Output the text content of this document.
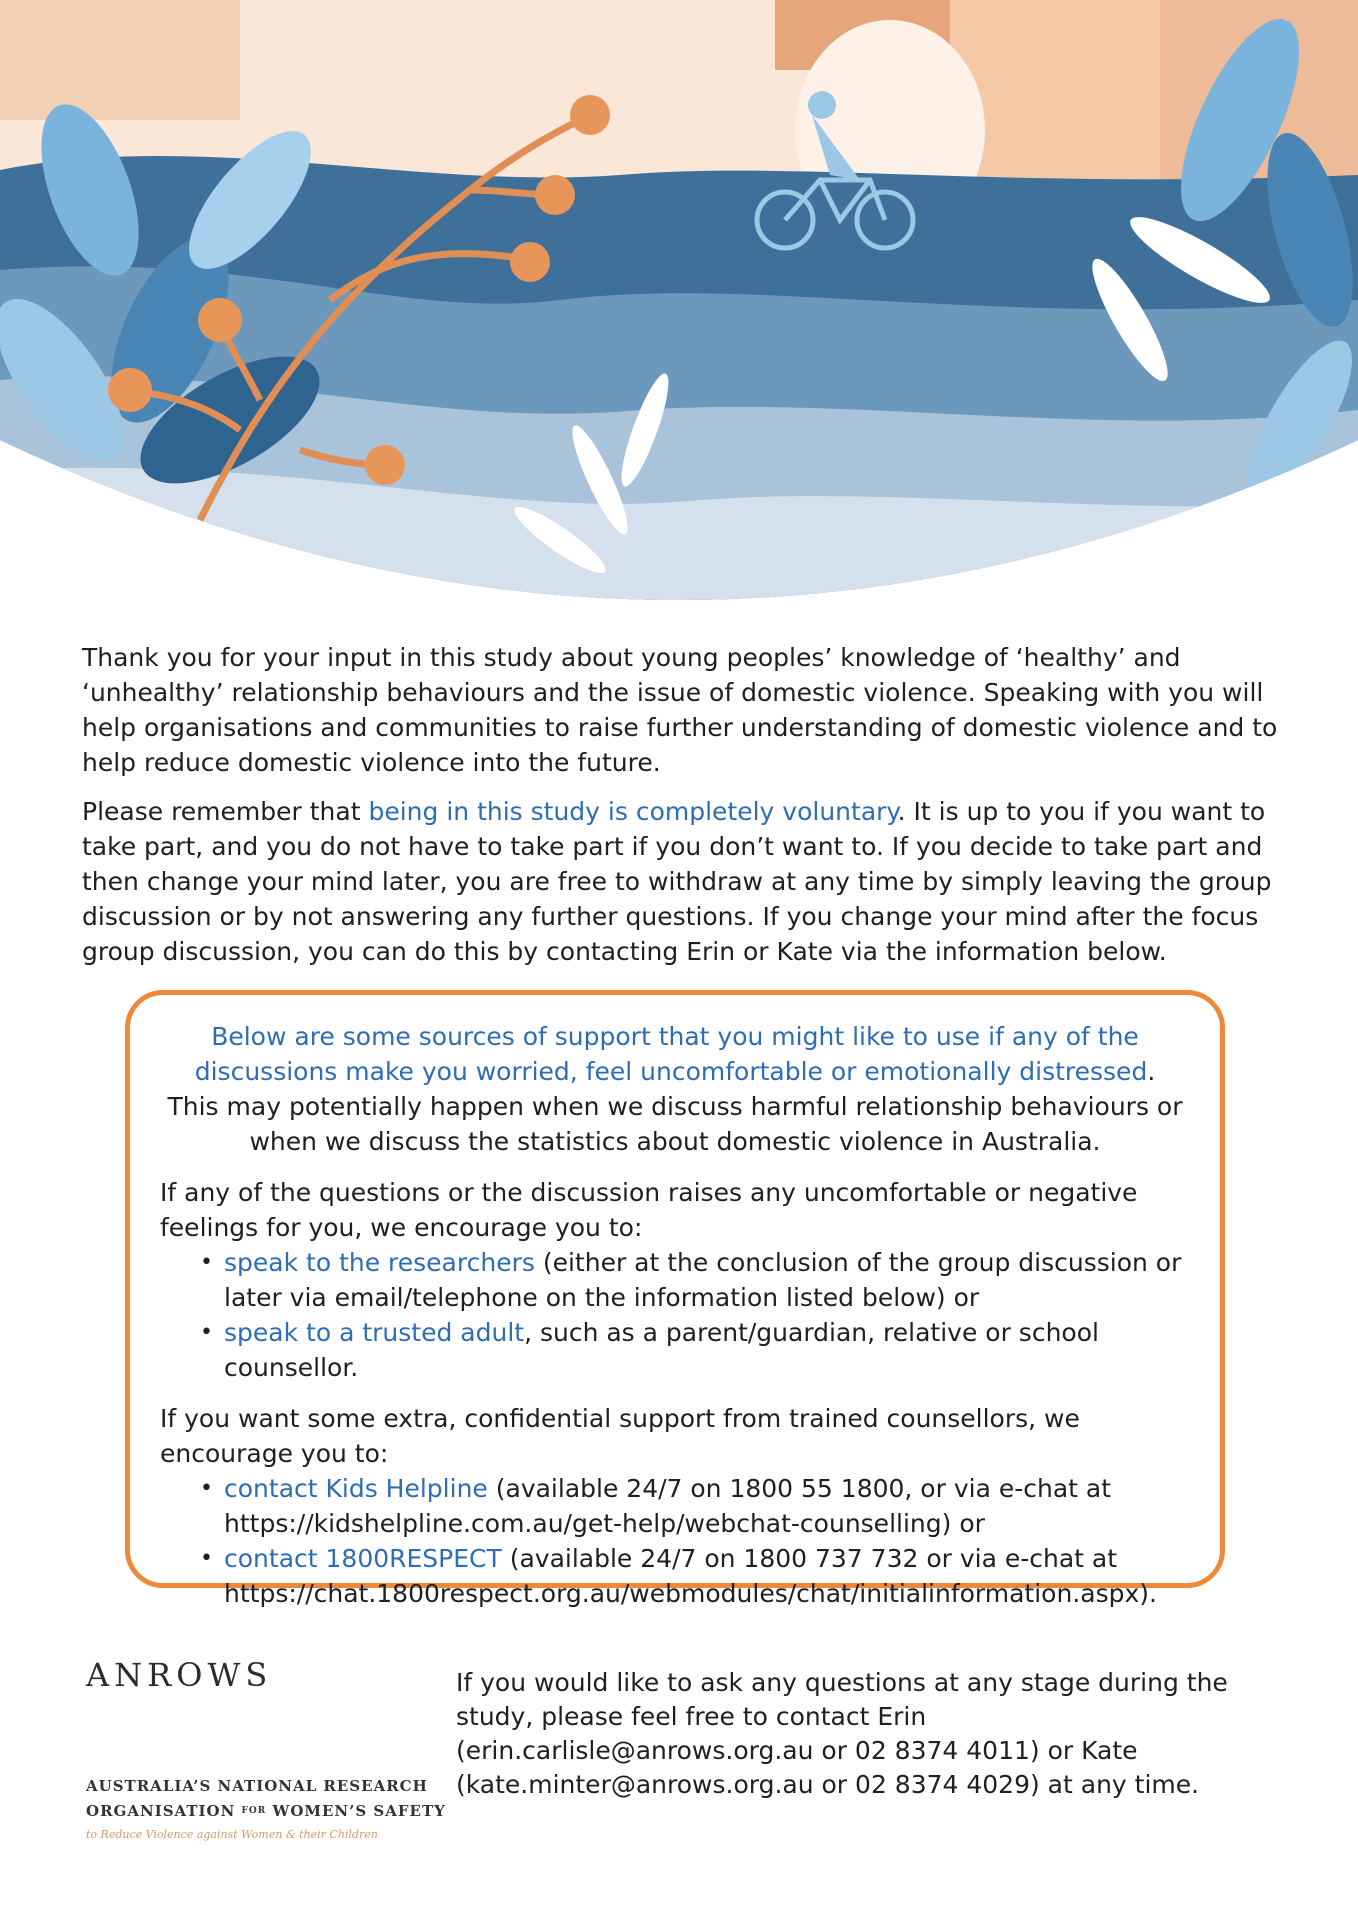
Thank you for your input in this study about young peoples’ knowledge of ‘healthy’ and ‘unhealthy’ relationship behaviours and the issue of domestic violence. Speaking with you will help organisations and communities to raise further understanding of domestic violence and to help reduce domestic violence into the future.

Please remember that being in this study is completely voluntary. It is up to you if you want to take part, and you do not have to take part if you don’t want to. If you decide to take part and then change your mind later, you are free to withdraw at any time by simply leaving the group discussion or by not answering any further questions. If you change your mind after the focus group discussion, you can do this by contacting Erin or Kate via the information below.

Below are some sources of support that you might like to use if any of the discussions make you worried, feel uncomfortable or emotionally distressed.

This may potentially happen when we discuss harmful relationship behaviours or when we discuss the statistics about domestic violence in Australia.

If any of the questions or the discussion raises any uncomfortable or negative feelings for you, we encourage you to:

• speak to the researchers (either at the conclusion of the group discussion or later via email/telephone on the information listed below) or
• speak to a trusted adult, such as a parent/guardian, relative or school counsellor.

If you want some extra, confidential support from trained counsellors, we encourage you to:

• contact Kids Helpline (available 24/7 on 1800 55 1800, or via e-chat at https://kidshelpline.com.au/get-help/webchat-counselling) or
• contact 1800RESPECT (available 24/7 on 1800 737 732 or via e-chat at https://chat.1800respect.org.au/webmodules/chat/initialinformation.aspx).
ANROWS
AUSTRALIA’S NATIONAL RESEARCH
ORGANISATION $^{FOR}$ WOMEN’S SAFETY
to Reduce Violence against Women & their Children
If you would like to ask any questions at any stage during the study, please feel free to contact Erin (erin.carlisle@anrows.org.au or 02 8374 4011) or Kate (kate.minter@anrows.org.au or 02 8374 4029) at any time.
